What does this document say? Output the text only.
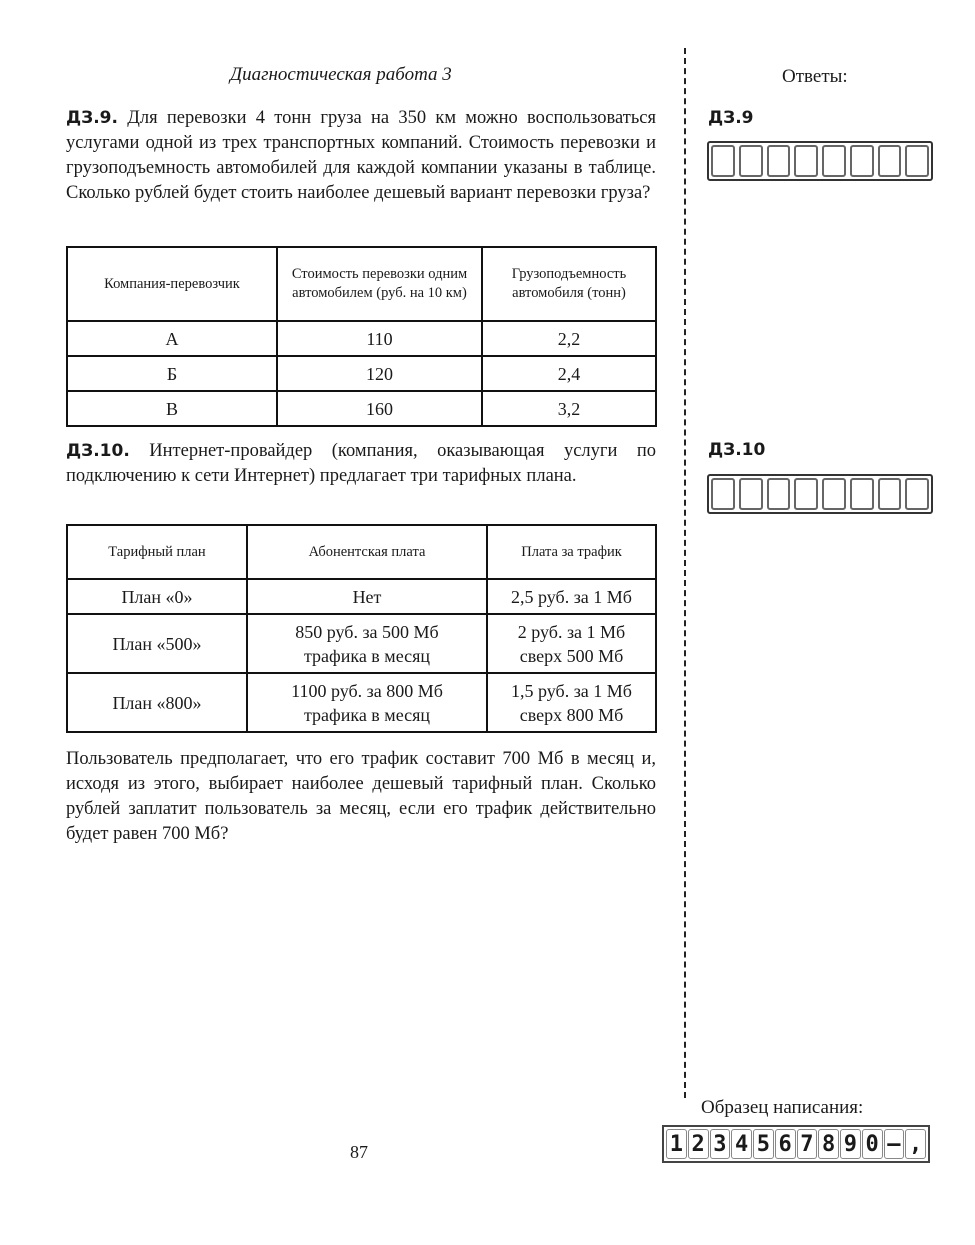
Диагностическая работа 3	Ответы:
ДЗ.9. Для перевозки 4 тонн груза на 350 км можно воспользоваться услугами одной из трех транспортных компаний. Стоимость перевозки и грузоподъемность автомобилей для каждой компании указаны в таблице. Сколько рублей будет стоить наиболее дешевый вариант перевозки груза?
Компания-перевозчик	Стоимость перевозки одним автомобилем (руб. на 10 км)	Грузоподъемность автомобиля (тонн)
А	110	2,2
Б	120	2,4
В	160	3,2
ДЗ.10. Интернет-провайдер (компания, оказывающая услуги по подключению к сети Интернет) предлагает три тарифных плана.
Тарифный план	Абонентская плата	Плата за трафик
План «0»	Нет	2,5 руб. за 1 Мб
План «500»	850 руб. за 500 Мб трафика в месяц	2 руб. за 1 Мб сверх 500 Мб
План «800»	1100 руб. за 800 Мб трафика в месяц	1,5 руб. за 1 Мб сверх 800 Мб
Пользователь предполагает, что его трафик составит 700 Мб в месяц и, исходя из этого, выбирает наиболее дешевый тарифный план. Сколько рублей заплатит пользователь за месяц, если его трафик действительно будет равен 700 Мб?
ДЗ.9
ДЗ.10
Образец написания:
1 2 3 4 5 6 7 8 9 0 – ,
87
